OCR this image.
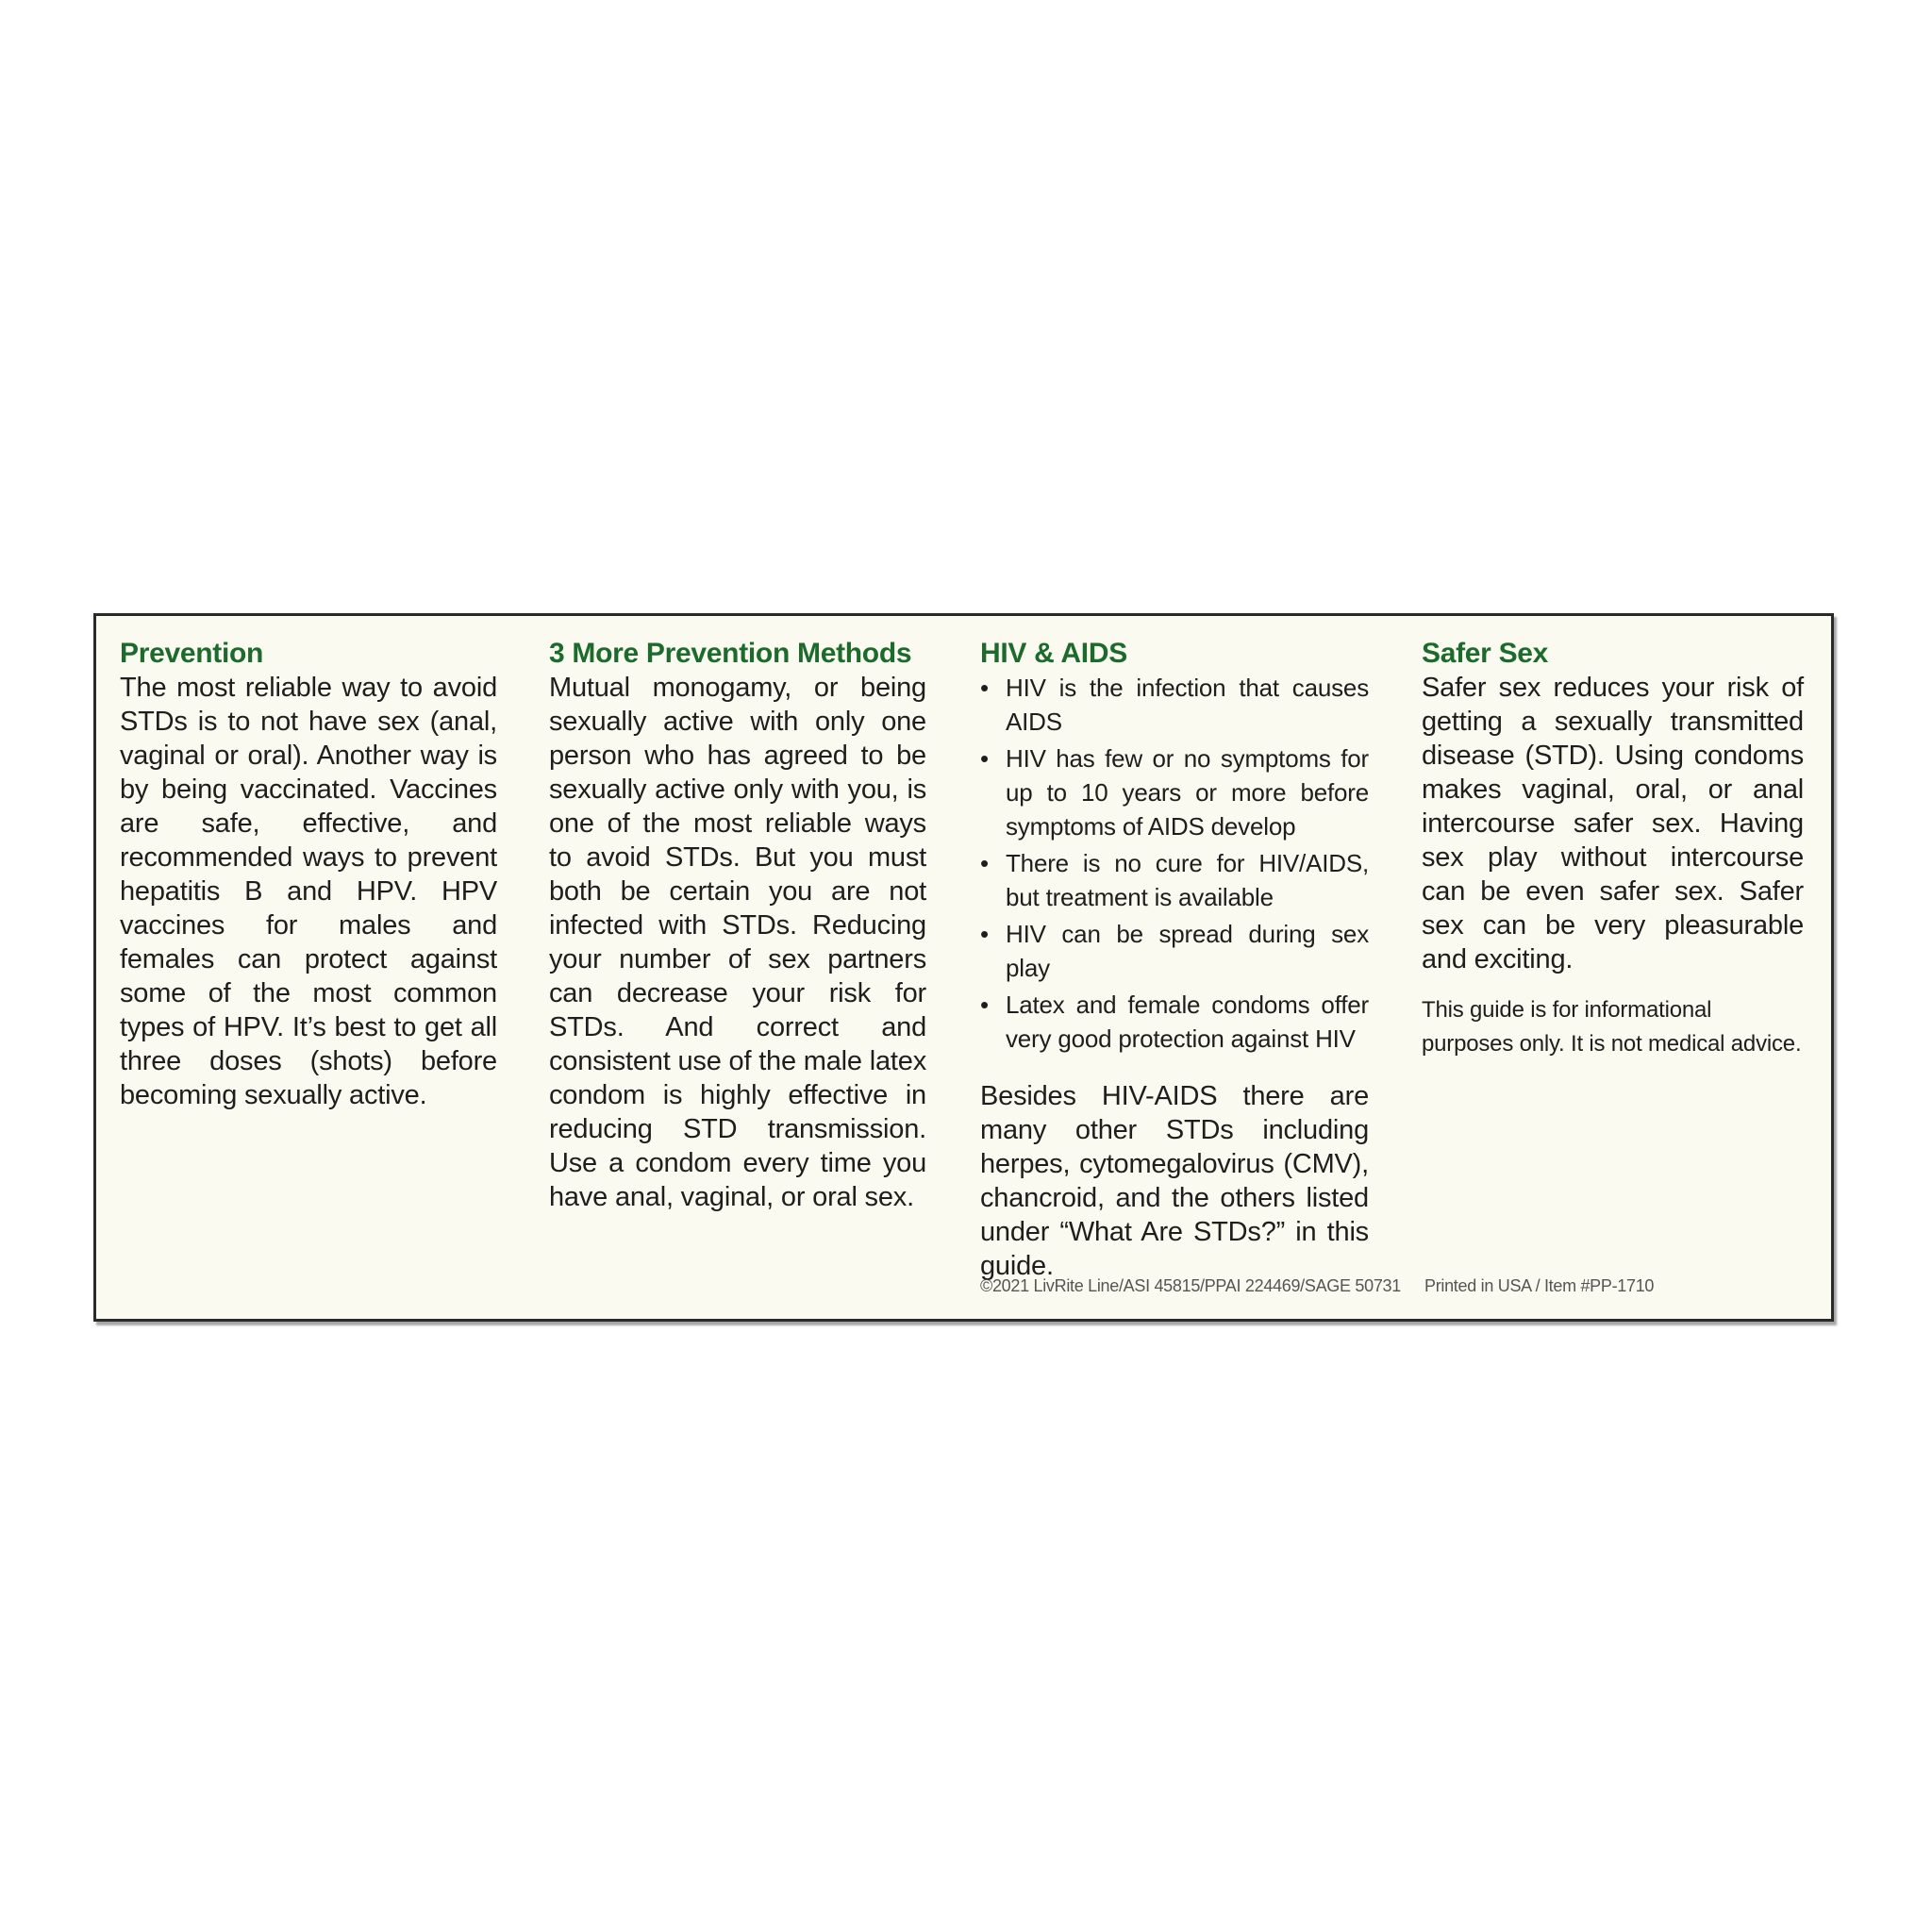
Prevention

The most reliable way to avoid STDs is to not have sex (anal, vaginal or oral). Another way is by being vaccinated. Vaccines are safe, effective, and recommended ways to prevent hepatitis B and HPV. HPV vaccines for males and females can protect against some of the most common types of HPV. It’s best to get all three doses (shots) before becoming sexually active.

3 More Prevention Methods

Mutual monogamy, or being sexually active with only one person who has agreed to be sexually active only with you, is one of the most reliable ways to avoid STDs. But you must both be certain you are not infected with STDs. Reducing your number of sex partners can decrease your risk for STDs. And correct and consistent use of the male latex condom is highly effective in reducing STD transmission. Use a condom every time you have anal, vaginal, or oral sex.

HIV & AIDS
• HIV is the infection that causes AIDS
• HIV has few or no symptoms for up to 10 years or more before symptoms of AIDS develop
• There is no cure for HIV/AIDS, but treatment is available
• HIV can be spread during sex play
• Latex and female condoms offer very good protection against HIV

Besides HIV-AIDS there are many other STDs including herpes, cytomegalovirus (CMV), chancroid, and the others listed under “What Are STDs?” in this guide.

Safer Sex

Safer sex reduces your risk of getting a sexually transmitted disease (STD). Using condoms makes vaginal, oral, or anal intercourse safer sex. Having sex play without intercourse can be even safer sex. Safer sex can be very pleasurable and exciting.

This guide is for informational purposes only. It is not medical advice.

©2021 LivRite Line/ASI 45815/PPAI 224469/SAGE 50731 Printed in USA / Item #PP-1710
